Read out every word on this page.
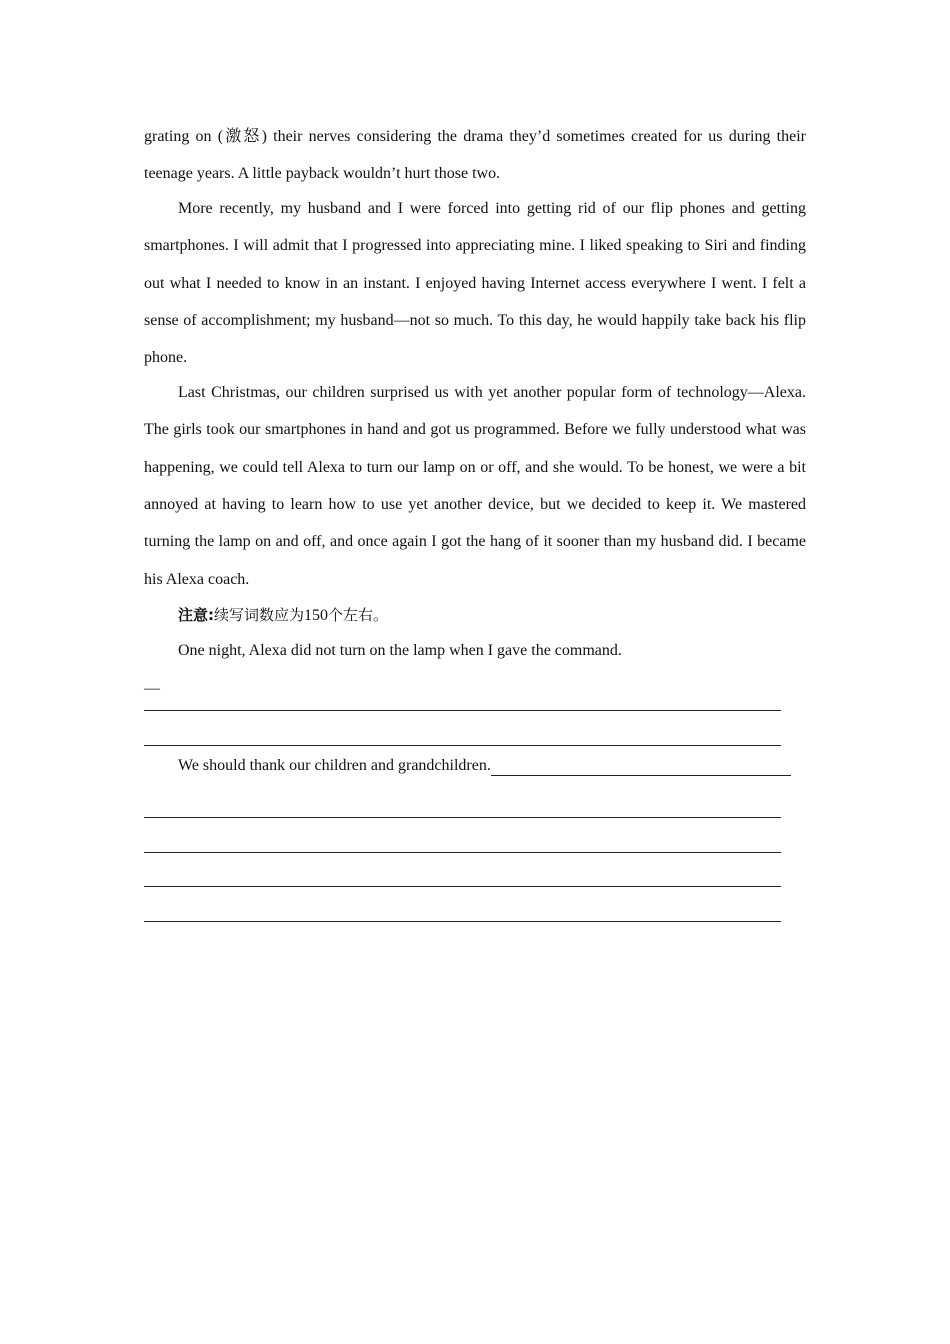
grating on (激怒) their nerves considering the drama they’d sometimes created for us during their teenage years. A little payback wouldn’t hurt those two.

More recently, my husband and I were forced into getting rid of our flip phones and getting smartphones. I will admit that I progressed into appreciating mine. I liked speaking to Siri and finding out what I needed to know in an instant. I enjoyed having Internet access everywhere I went. I felt a sense of accomplishment; my husband—not so much. To this day, he would happily take back his flip phone.

Last Christmas, our children surprised us with yet another popular form of technology—Alexa. The girls took our smartphones in hand and got us programmed. Before we fully understood what was happening, we could tell Alexa to turn our lamp on or off, and she would. To be honest, we were a bit annoyed at having to learn how to use yet another device, but we decided to keep it. We mastered turning the lamp on and off, and once again I got the hang of it sooner than my husband did. I became his Alexa coach.

注意:续写词数应为150个左右。

One night, Alexa did not turn on the lamp when I gave the command.

—

We should thank our children and grandchildren.
